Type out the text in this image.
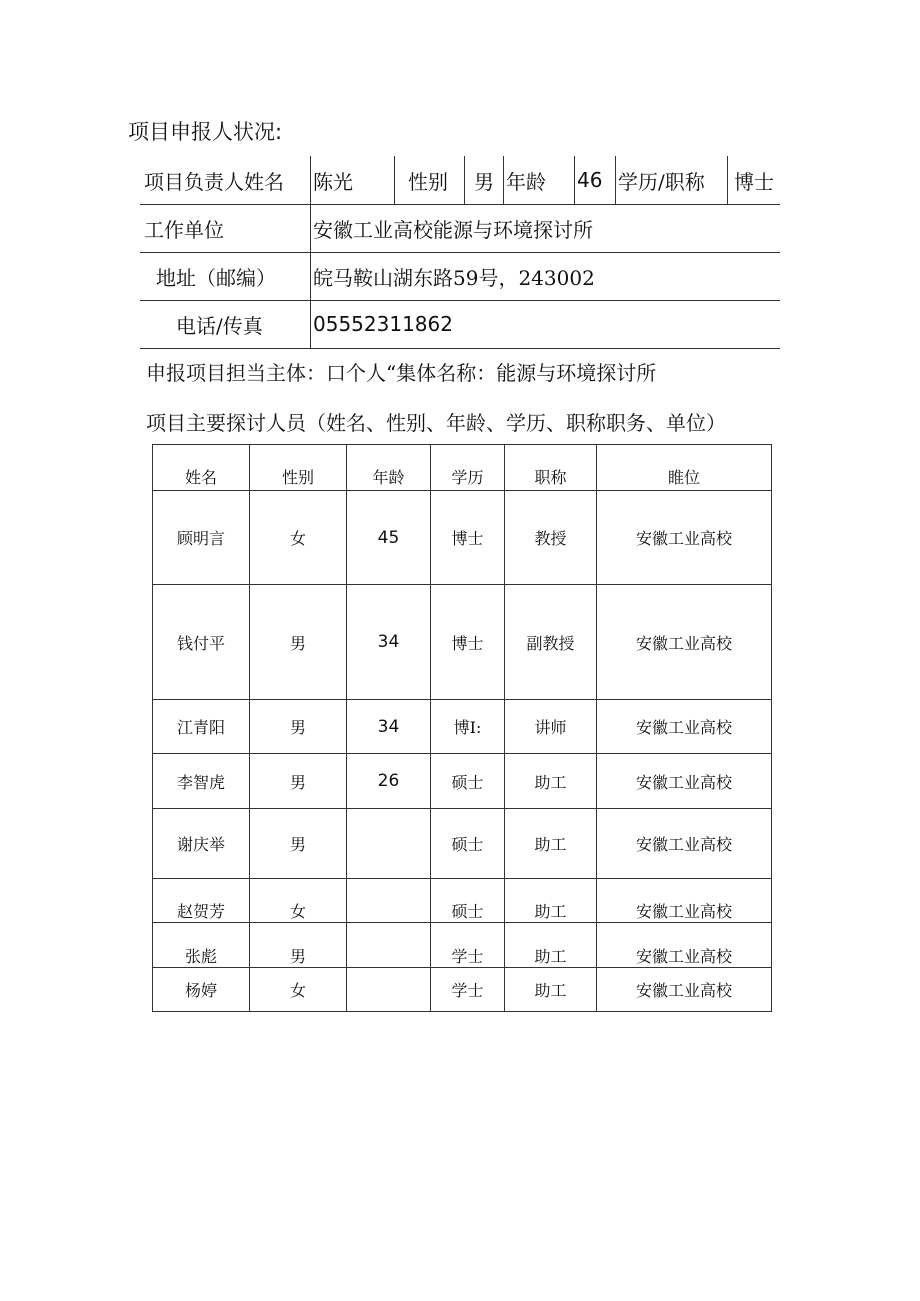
项目申报人状况:
项目负责人姓名 陈光	性别 男 年龄 46 学历/职称 博士
工作单位	安徽工业高校能源与环境探讨所
地址（邮编） 皖马鞍山湖东路59号，243002
电话/传真	05552311862
申报项目担当主体：口个人“集体名称：能源与环境探讨所
项目主要探讨人员（姓名、性别、年龄、学历、职称职务、单位）
姓名	性别	年龄	学历	职称	睢位
顾明言	女	45	博士	教授	安徽工业高校
钱付平	男	34	博士	副教授	安徽工业高校
江青阳	男	34	博I:	讲师	安徽工业高校
李智虎	男	26	硕士	助工	安徽工业高校
谢庆举	男		硕士	助工	安徽工业高校
赵贺芳	女		硕士	助工	安徽工业高校
张彪	男		学士	助工	安徽工业高校
杨婷	女		学士	助工	安徽工业高校
